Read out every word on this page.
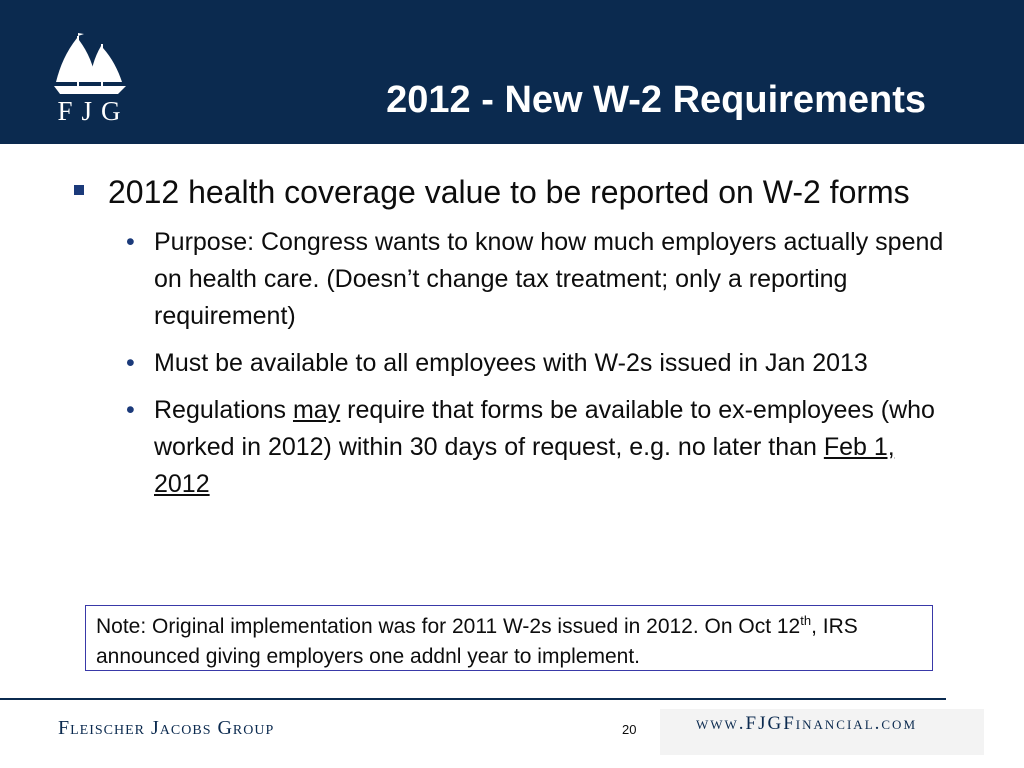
FJG	2012 - New W-2 Requirements
2012 health coverage value to be reported on W-2 forms
• Purpose: Congress wants to know how much employers actually spend on health care. (Doesn’t change tax treatment; only a reporting requirement)
• Must be available to all employees with W-2s issued in Jan 2013
• Regulations may require that forms be available to ex-employees (who worked in 2012) within 30 days of request, e.g. no later than Feb 1, 2012
Note: Original implementation was for 2011 W-2s issued in 2012. On Oct 12th, IRS announced giving employers one addnl year to implement.
Fleischer Jacobs Group	20	www.FJGFinancial.com
